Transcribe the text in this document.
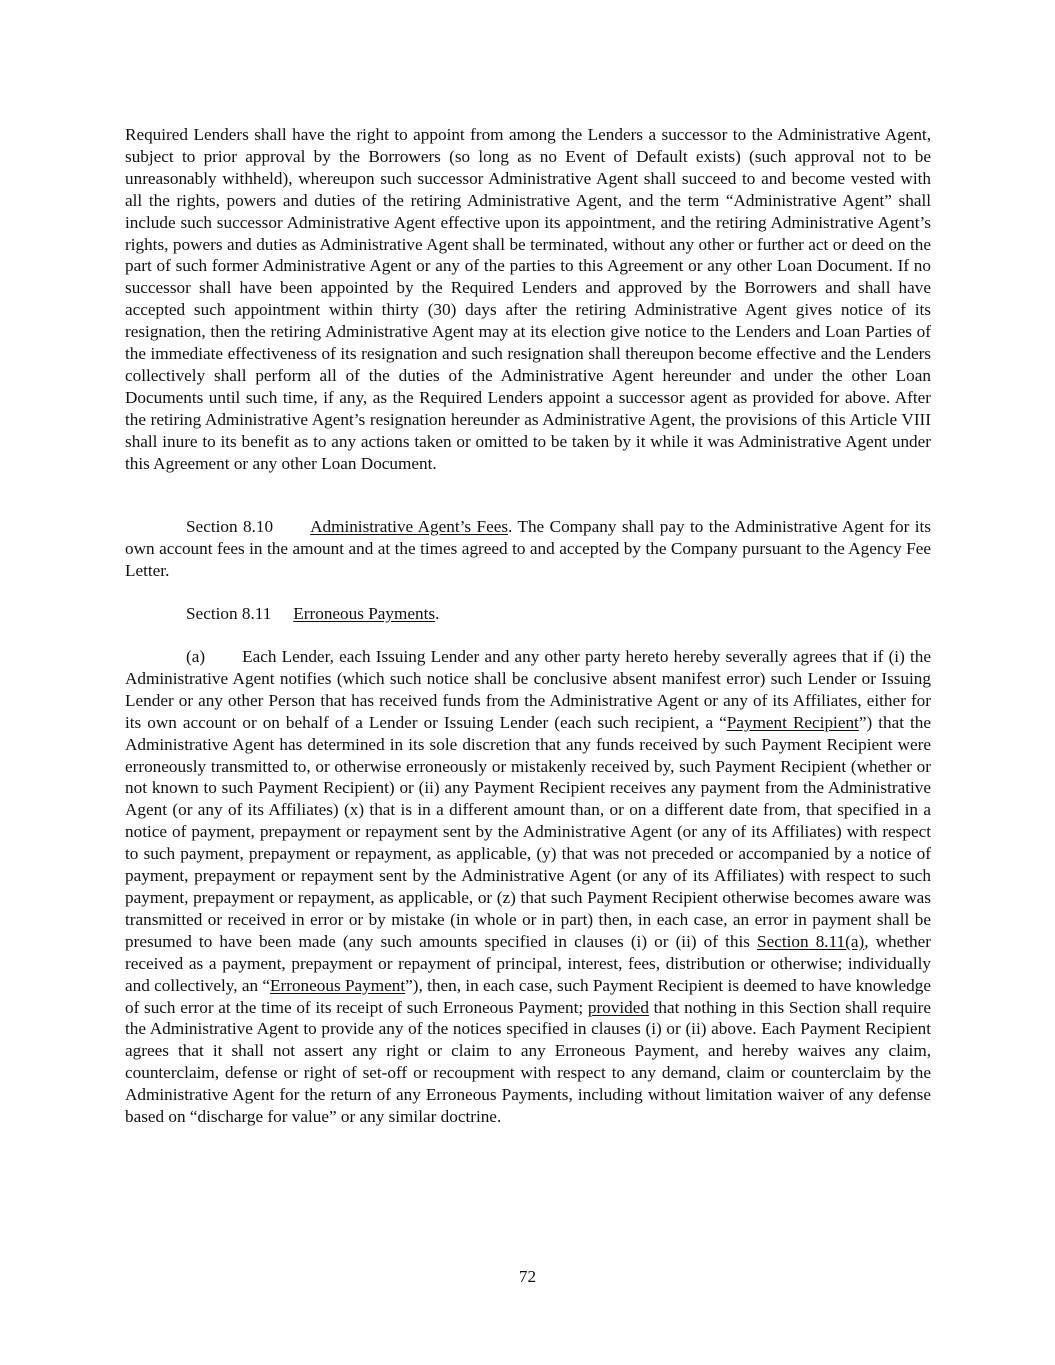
Required Lenders shall have the right to appoint from among the Lenders a successor to the Administrative Agent, subject to prior approval by the Borrowers (so long as no Event of Default exists) (such approval not to be unreasonably withheld), whereupon such successor Administrative Agent shall succeed to and become vested with all the rights, powers and duties of the retiring Administrative Agent, and the term “Administrative Agent” shall include such successor Administrative Agent effective upon its appointment, and the retiring Administrative Agent’s rights, powers and duties as Administrative Agent shall be terminated, without any other or further act or deed on the part of such former Administrative Agent or any of the parties to this Agreement or any other Loan Document. If no successor shall have been appointed by the Required Lenders and approved by the Borrowers and shall have accepted such appointment within thirty (30) days after the retiring Administrative Agent gives notice of its resignation, then the retiring Administrative Agent may at its election give notice to the Lenders and Loan Parties of the immediate effectiveness of its resignation and such resignation shall thereupon become effective and the Lenders collectively shall perform all of the duties of the Administrative Agent hereunder and under the other Loan Documents until such time, if any, as the Required Lenders appoint a successor agent as provided for above. After the retiring Administrative Agent’s resignation hereunder as Administrative Agent, the provisions of this Article VIII shall inure to its benefit as to any actions taken or omitted to be taken by it while it was Administrative Agent under this Agreement or any other Loan Document.

Section 8.10 Administrative Agent’s Fees. The Company shall pay to the Administrative Agent for its own account fees in the amount and at the times agreed to and accepted by the Company pursuant to the Agency Fee Letter.

Section 8.11 Erroneous Payments.

(a) Each Lender, each Issuing Lender and any other party hereto hereby severally agrees that if (i) the Administrative Agent notifies (which such notice shall be conclusive absent manifest error) such Lender or Issuing Lender or any other Person that has received funds from the Administrative Agent or any of its Affiliates, either for its own account or on behalf of a Lender or Issuing Lender (each such recipient, a “Payment Recipient”) that the Administrative Agent has determined in its sole discretion that any funds received by such Payment Recipient were erroneously transmitted to, or otherwise erroneously or mistakenly received by, such Payment Recipient (whether or not known to such Payment Recipient) or (ii) any Payment Recipient receives any payment from the Administrative Agent (or any of its Affiliates) (x) that is in a different amount than, or on a different date from, that specified in a notice of payment, prepayment or repayment sent by the Administrative Agent (or any of its Affiliates) with respect to such payment, prepayment or repayment, as applicable, (y) that was not preceded or accompanied by a notice of payment, prepayment or repayment sent by the Administrative Agent (or any of its Affiliates) with respect to such payment, prepayment or repayment, as applicable, or (z) that such Payment Recipient otherwise becomes aware was transmitted or received in error or by mistake (in whole or in part) then, in each case, an error in payment shall be presumed to have been made (any such amounts specified in clauses (i) or (ii) of this Section 8.11(a), whether received as a payment, prepayment or repayment of principal, interest, fees, distribution or otherwise; individually and collectively, an “Erroneous Payment”), then, in each case, such Payment Recipient is deemed to have knowledge of such error at the time of its receipt of such Erroneous Payment; provided that nothing in this Section shall require the Administrative Agent to provide any of the notices specified in clauses (i) or (ii) above. Each Payment Recipient agrees that it shall not assert any right or claim to any Erroneous Payment, and hereby waives any claim, counterclaim, defense or right of set-off or recoupment with respect to any demand, claim or counterclaim by the Administrative Agent for the return of any Erroneous Payments, including without limitation waiver of any defense based on “discharge for value” or any similar doctrine.

72
